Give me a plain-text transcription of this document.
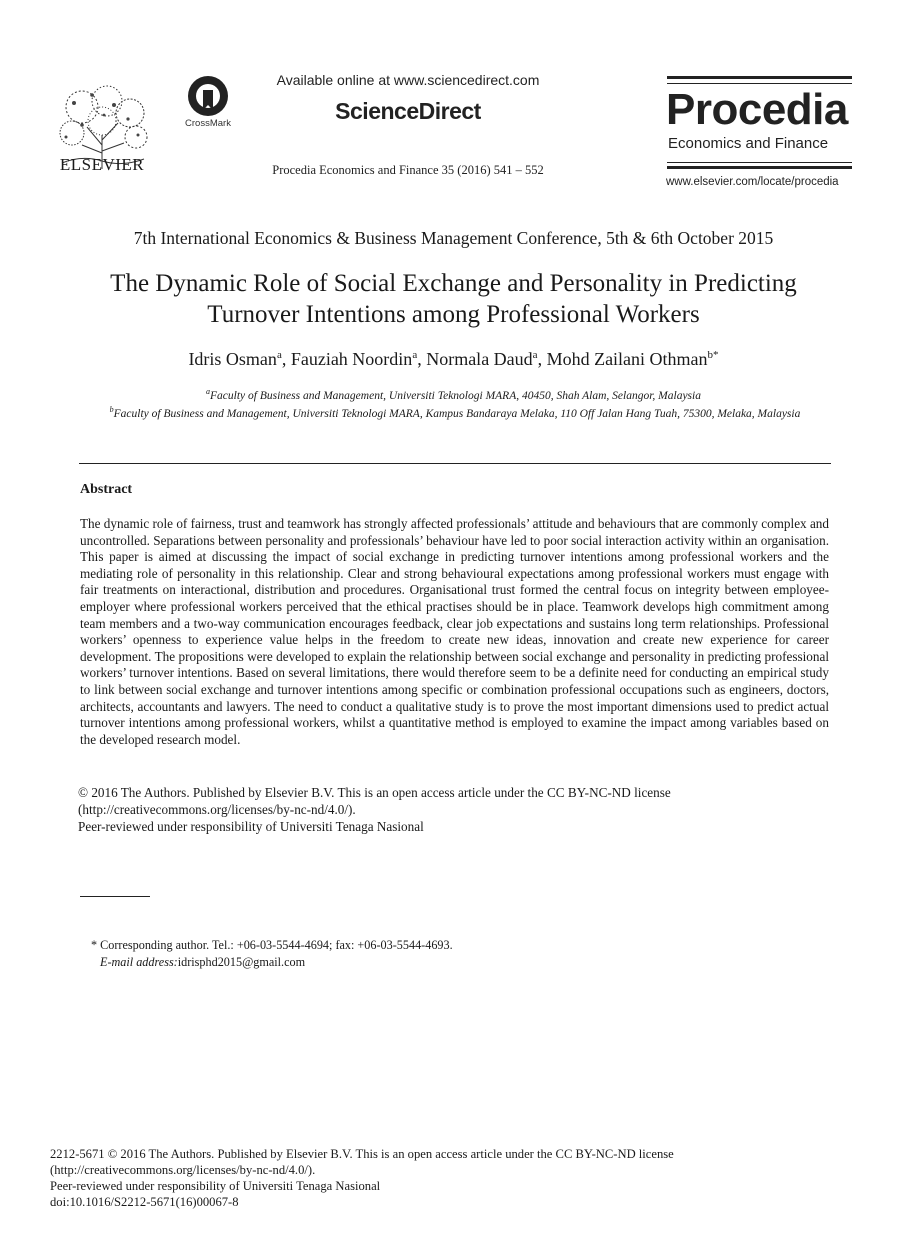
ELSEVIER
CrossMark
Available online at www.sciencedirect.com
ScienceDirect
Procedia Economics and Finance 35 (2016) 541 – 552
Procedia
Economics and Finance
www.elsevier.com/locate/procedia
7th International Economics & Business Management Conference, 5th & 6th October 2015
The Dynamic Role of Social Exchange and Personality in Predicting
Turnover Intentions among Professional Workers
Idris Osman$^a$, Fauziah Noordin$^a$, Normala Daud$^a$, Mohd Zailani Othman$^{b*}$
$^a$Faculty of Business and Management, Universiti Teknologi MARA, 40450, Shah Alam, Selangor, Malaysia
$^b$Faculty of Business and Management, Universiti Teknologi MARA, Kampus Bandaraya Melaka, 110 Off Jalan Hang Tuah, 75300, Melaka, Malaysia
Abstract
The dynamic role of fairness, trust and teamwork has strongly affected professionals’ attitude and behaviours that are commonly complex and uncontrolled. Separations between personality and professionals’ behaviour have led to poor social interaction activity within an organisation. This paper is aimed at discussing the impact of social exchange in predicting turnover intentions among professional workers and the mediating role of personality in this relationship. Clear and strong behavioural expectations among professional workers must engage with fair treatments on interactional, distribution and procedures. Organisational trust formed the central focus on integrity between employee-employer where professional workers perceived that the ethical practises should be in place. Teamwork develops high commitment among team members and a two-way communication encourages feedback, clear job expectations and sustains long term relationships. Professional workers’ openness to experience value helps in the freedom to create new ideas, innovation and create new experience for career development. The propositions were developed to explain the relationship between social exchange and personality in predicting professional workers’ turnover intentions. Based on several limitations, there would therefore seem to be a definite need for conducting an empirical study to link between social exchange and turnover intentions among specific or combination professional occupations such as engineers, doctors, architects, accountants and lawyers. The need to conduct a qualitative study is to prove the most important dimensions used to predict actual turnover intentions among professional workers, whilst a quantitative method is employed to examine the impact among variables based on the developed research model.
© 2016 The Authors. Published by Elsevier B.V. This is an open access article under the CC BY-NC-ND license
(http://creativecommons.org/licenses/by-nc-nd/4.0/).
Peer-reviewed under responsibility of Universiti Tenaga Nasional
* Corresponding author. Tel.: +06-03-5544-4694; fax: +06-03-5544-4693.
E-mail address:idrisphd2015@gmail.com
2212-5671 © 2016 The Authors. Published by Elsevier B.V. This is an open access article under the CC BY-NC-ND license
(http://creativecommons.org/licenses/by-nc-nd/4.0/).
Peer-reviewed under responsibility of Universiti Tenaga Nasional
doi:10.1016/S2212-5671(16)00067-8
